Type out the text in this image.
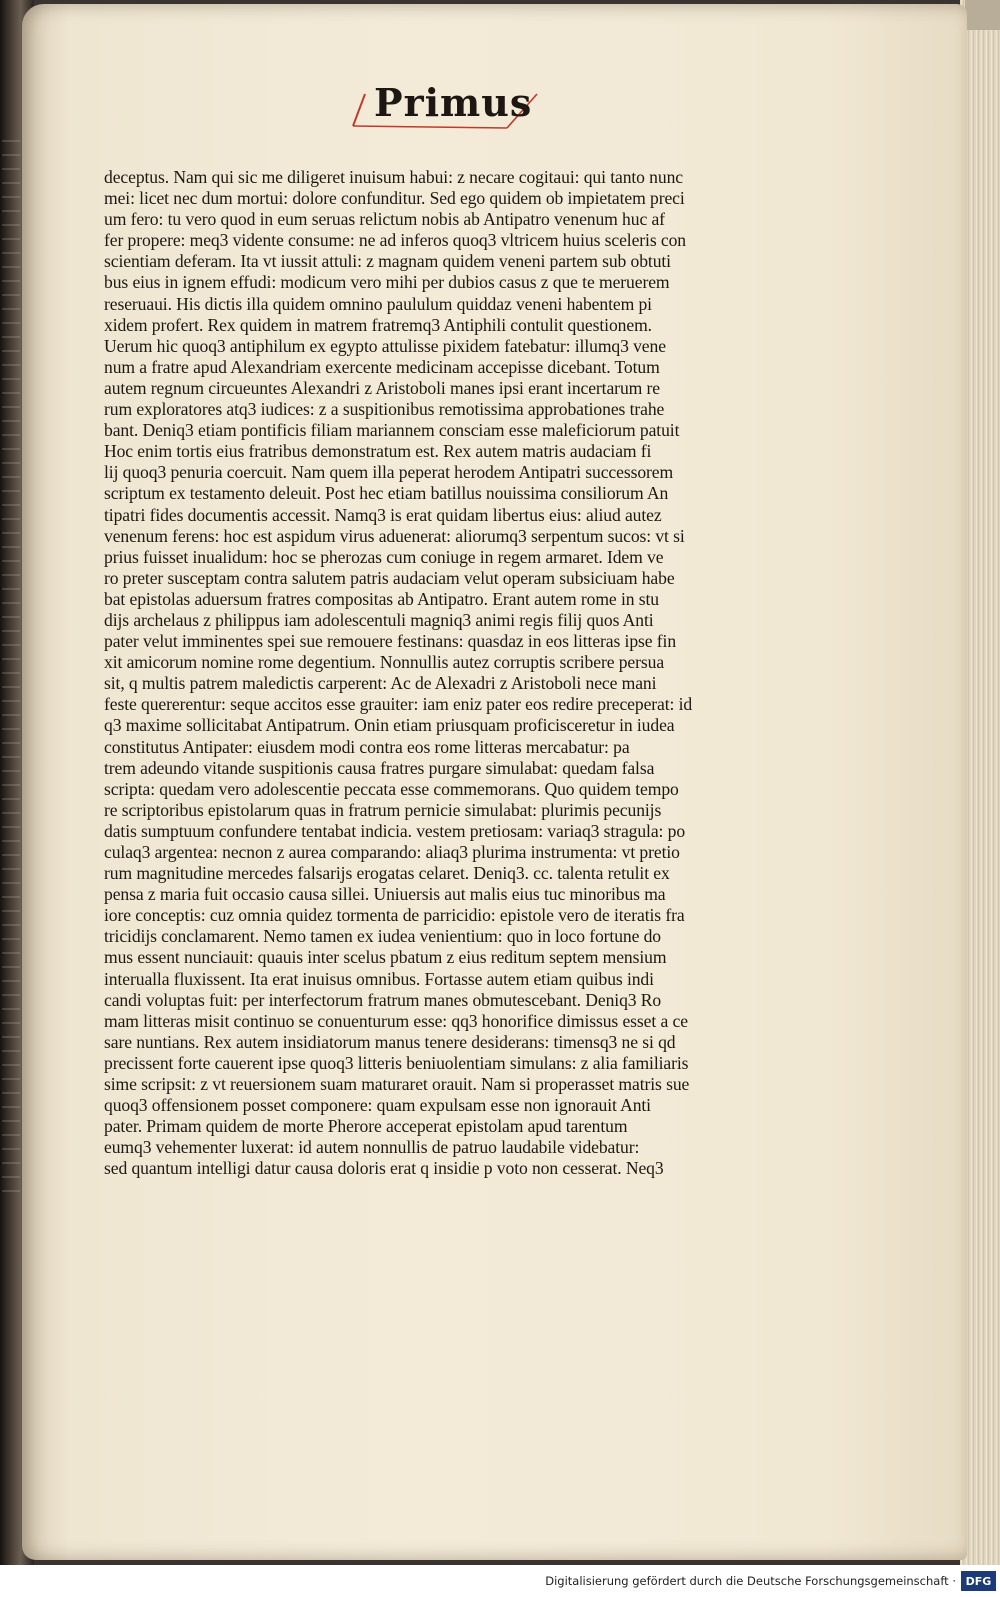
Primus
deceptus. Nam qui sic me diligeret inuisum habui: z necare cogitaui: qui tanto nunc
mei: licet nec dum mortui: dolore confunditur. Sed ego quidem ob impietatem preci
um fero: tu vero quod in eum seruas relictum nobis ab Antipatro venenum huc af
fer propere: meq3 vidente consume: ne ad inferos quoq3 vltricem huius sceleris con
scientiam deferam. Ita vt iussit attuli: z magnam quidem veneni partem sub obtuti
bus eius in ignem effudi: modicum vero mihi per dubios casus z que te meruerem
reseruaui. His dictis illa quidem omnino paululum quiddaz veneni habentem pi
xidem profert. Rex quidem in matrem fratremq3 Antiphili contulit questionem.
Uerum hic quoq3 antiphilum ex egypto attulisse pixidem fatebatur: illumq3 vene
num a fratre apud Alexandriam exercente medicinam accepisse dicebant. Totum
autem regnum circueuntes Alexandri z Aristoboli manes ipsi erant incertarum re
rum exploratores atq3 iudices: z a suspitionibus remotissima approbationes trahe
bant. Deniq3 etiam pontificis filiam mariannem consciam esse maleficiorum patuit
Hoc enim tortis eius fratribus demonstratum est. Rex autem matris audaciam fi
lij quoq3 penuria coercuit. Nam quem illa peperat herodem Antipatri successorem
scriptum ex testamento deleuit. Post hec etiam batillus nouissima consiliorum An
tipatri fides documentis accessit. Namq3 is erat quidam libertus eius: aliud autez
venenum ferens: hoc est aspidum virus aduenerat: aliorumq3 serpentum sucos: vt si
prius fuisset inualidum: hoc se pherozas cum coniuge in regem armaret. Idem ve
ro preter susceptam contra salutem patris audaciam velut operam subsiciuam habe
bat epistolas aduersum fratres compositas ab Antipatro. Erant autem rome in stu
dijs archelaus z philippus iam adolescentuli magniq3 animi regis filij quos Anti
pater velut imminentes spei sue remouere festinans: quasdaz in eos litteras ipse fin
xit amicorum nomine rome degentium. Nonnullis autez corruptis scribere persua
sit, q multis patrem maledictis carperent: Ac de Alexadri z Aristoboli nece mani
feste quererentur: seque accitos esse grauiter: iam eniz pater eos redire preceperat: id
q3 maxime sollicitabat Antipatrum. Onin etiam priusquam proficisceretur in iudea
constitutus Antipater: eiusdem modi contra eos rome litteras mercabatur: pa
trem adeundo vitande suspitionis causa fratres purgare simulabat: quedam falsa
scripta: quedam vero adolescentie peccata esse commemorans. Quo quidem tempo
re scriptoribus epistolarum quas in fratrum pernicie simulabat: plurimis pecunijs
datis sumptuum confundere tentabat indicia. vestem pretiosam: variaq3 stragula: po
culaq3 argentea: necnon z aurea comparando: aliaq3 plurima instrumenta: vt pretio
rum magnitudine mercedes falsarijs erogatas celaret. Deniq3. cc. talenta retulit ex
pensa z maria fuit occasio causa sillei. Uniuersis aut malis eius tuc minoribus ma
iore conceptis: cuz omnia quidez tormenta de parricidio: epistole vero de iteratis fra
tricidijs conclamarent. Nemo tamen ex iudea venientium: quo in loco fortune do
mus essent nunciauit: quauis inter scelus pbatum z eius reditum septem mensium
interualla fluxissent. Ita erat inuisus omnibus. Fortasse autem etiam quibus indi
candi voluptas fuit: per interfectorum fratrum manes obmutescebant. Deniq3 Ro
mam litteras misit continuo se conuenturum esse: qq3 honorifice dimissus esset a ce
sare nuntians. Rex autem insidiatorum manus tenere desiderans: timensq3 ne si qd
precissent forte cauerent ipse quoq3 litteris beniuolentiam simulans: z alia familiaris
sime scripsit: z vt reuersionem suam maturaret orauit. Nam si properasset matris sue
quoq3 offensionem posset componere: quam expulsam esse non ignorauit Anti
pater. Primam quidem de morte Pherore acceperat epistolam apud tarentum
eumq3 vehementer luxerat: id autem nonnullis de patruo laudabile videbatur:
sed quantum intelligi datur causa doloris erat q insidie p voto non cesserat. Neq3
Digitalisierung gefördert durch die Deutsche Forschungsgemeinschaft · DFG
